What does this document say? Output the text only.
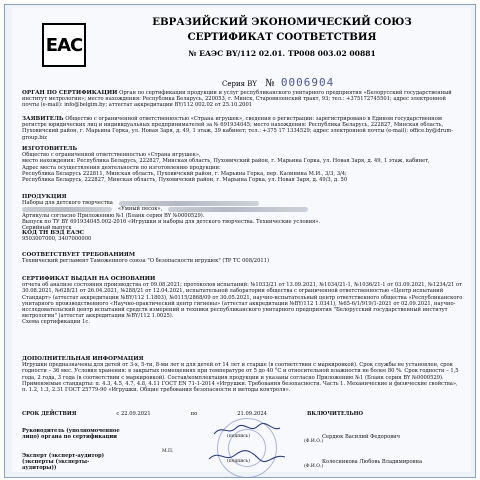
ЕАС
ЕВРАЗИЙСКИЙ ЭКОНОМИЧЕСКИЙ СОЮЗ
СЕРТИФИКАТ СООТВЕТСТВИЯ
№ ЕАЭС BY/112 02.01. ТР008 003.02 00881
Серия BY № 0006904
ОРГАН ПО СЕРТИФИКАЦИИ Орган по сертификации продукции и услуг республиканского унитарного предприятия «Белорусский государственный институт метрологии»; место нахождения: Республика Беларусь, 220053, г. Минск, Старовиленский тракт, 93; тел.: +375172745501; адрес электронной почты (e-mail): info@belgim.by; аттестат аккредитации BY/112 002.02 от 25.10.2001
ЗАЯВИТЕЛЬ Общество с ограниченной ответственностью «Страна игрушек», сведения о регистрации: зарегистрировано в Едином государственном регистре юридических лиц и индивидуальных предпринимателей за № 691934045; место нахождения: Республика Беларусь, 222827, Минская область, Пуховичский район, г. Марьина Горка, ул. Новая Заря, д. 49, 1 этаж, 39 кабинет; тел.: +375 17 1334529; адрес электронной почты (e-mail): office.by@drum-group.biz
ИЗГОТОВИТЕЛЬ
Общество с ограниченной ответственностью «Страна игрушек»,
место нахождения: Республика Беларусь, 222827, Минская область, Пуховичский район, г. Марьина Горка, ул. Новая Заря, д. 49, 1 этаж, кабинет,
Адрес места осуществления деятельности по изготовлению продукции:
Республика Беларусь 222811, Минская область, Пуховичский район, г. Марьина Горка, пер. Калинина М.И., 3/3, 3/4;
Республика Беларусь, 222827, Минская область, Пуховичский район, г. Марьина Горка, ул. Новая Заря, д. 49/3, д. 50
ПРОДУКЦИЯ
Наборы для детского творчества
«Умный песок»,
Артикулы согласно Приложению №1 (Бланк серия BY №0000529).
Выпуск по ТУ BY 691934045.002-2016 «Игрушки и наборы для детского творчества. Технические условия».
Серийный выпуск
КОД ТН ВЭД ЕАЭС
9503007000, 3407000000
СООТВЕТСТВУЕТ ТРЕБОВАНИЯМ
Технический регламент Таможенного союза "О безопасности игрушек" (ТР ТС 008/2011)
СЕРТИФИКАТ ВЫДАН НА ОСНОВАНИИ
отчета об анализе состояния производства от 09.08.2021; протоколов испытаний: №1033/21 от 13.09.2021, №1034/21-1, №1036/21-1 от 03.09.2021, №1234/21 от 30.08.2021, №628/21 от 26.04.2021, №288/21 от 12.04.2021, испытательной лаборатории общества с ограниченной ответственностью «Центр испытаний Стандарт» (аттестат аккредитации №BY/112 1.1803), №0115/2868/09 от 30.05.2021, научно-испытательный центр ответственного общества «Республиканского унитарного производственного «Научно-практический центр гигиены» (аттестат аккредитации №BY/112 1.0341), №65-6/1/919/1-2021 от 02.09.2021, научно-исследовательский центр испытаний средств измерений и техники республиканского унитарного предприятия "Белорусский государственный институт метрологии" (аттестат аккредитации №BY/112 1.0025).
Схема сертификации 1с.
ДОПОЛНИТЕЛЬНАЯ ИНФОРМАЦИЯ
Игрушки предназначены для детей от 3-х, 5-ти, 8-ми лет и для детей от 14 лет и старше (в соответствии с маркировкой). Срок службы не установлен, срок годности – 36 мес. Условия хранения: в закрытых помещениях при температуре от 5 до 40 °С и относительной влажности не более 80 %. Срок годности – 1,5 года, 2 года, 3 года (в соответствии с маркировкой). Состав/комплектация продукции и указаны согласно Приложению №1 (Бланк серия BY №0000529). Применяемые стандарты: п. 4.3, 4.5, 4.7, 4.8, 4.11 ГОСТ EN 71-1-2014 «Игрушки. Требования безопасности. Часть 1. Механические и физические свойства», п. 1.2, 1.3, 2.31 ГОСТ 25779-90 «Игрушки. Общие требования безопасности и методы контроля».
СРОК ДЕЙСТВИЯ	с 22.09.2021	по	21.09.2024	ВКЛЮЧИТЕЛЬНО
Руководитель (уполномоченное лицо) органа по сертификации	(подпись)	Сердюк Василий Федорович
(Ф.И.О.)
Эксперт (эксперт-аудитор) (эксперты (эксперты-аудиторы))
(подпись)
М.П.
Колесникова Любовь Владимировна
(Ф.И.О.)
